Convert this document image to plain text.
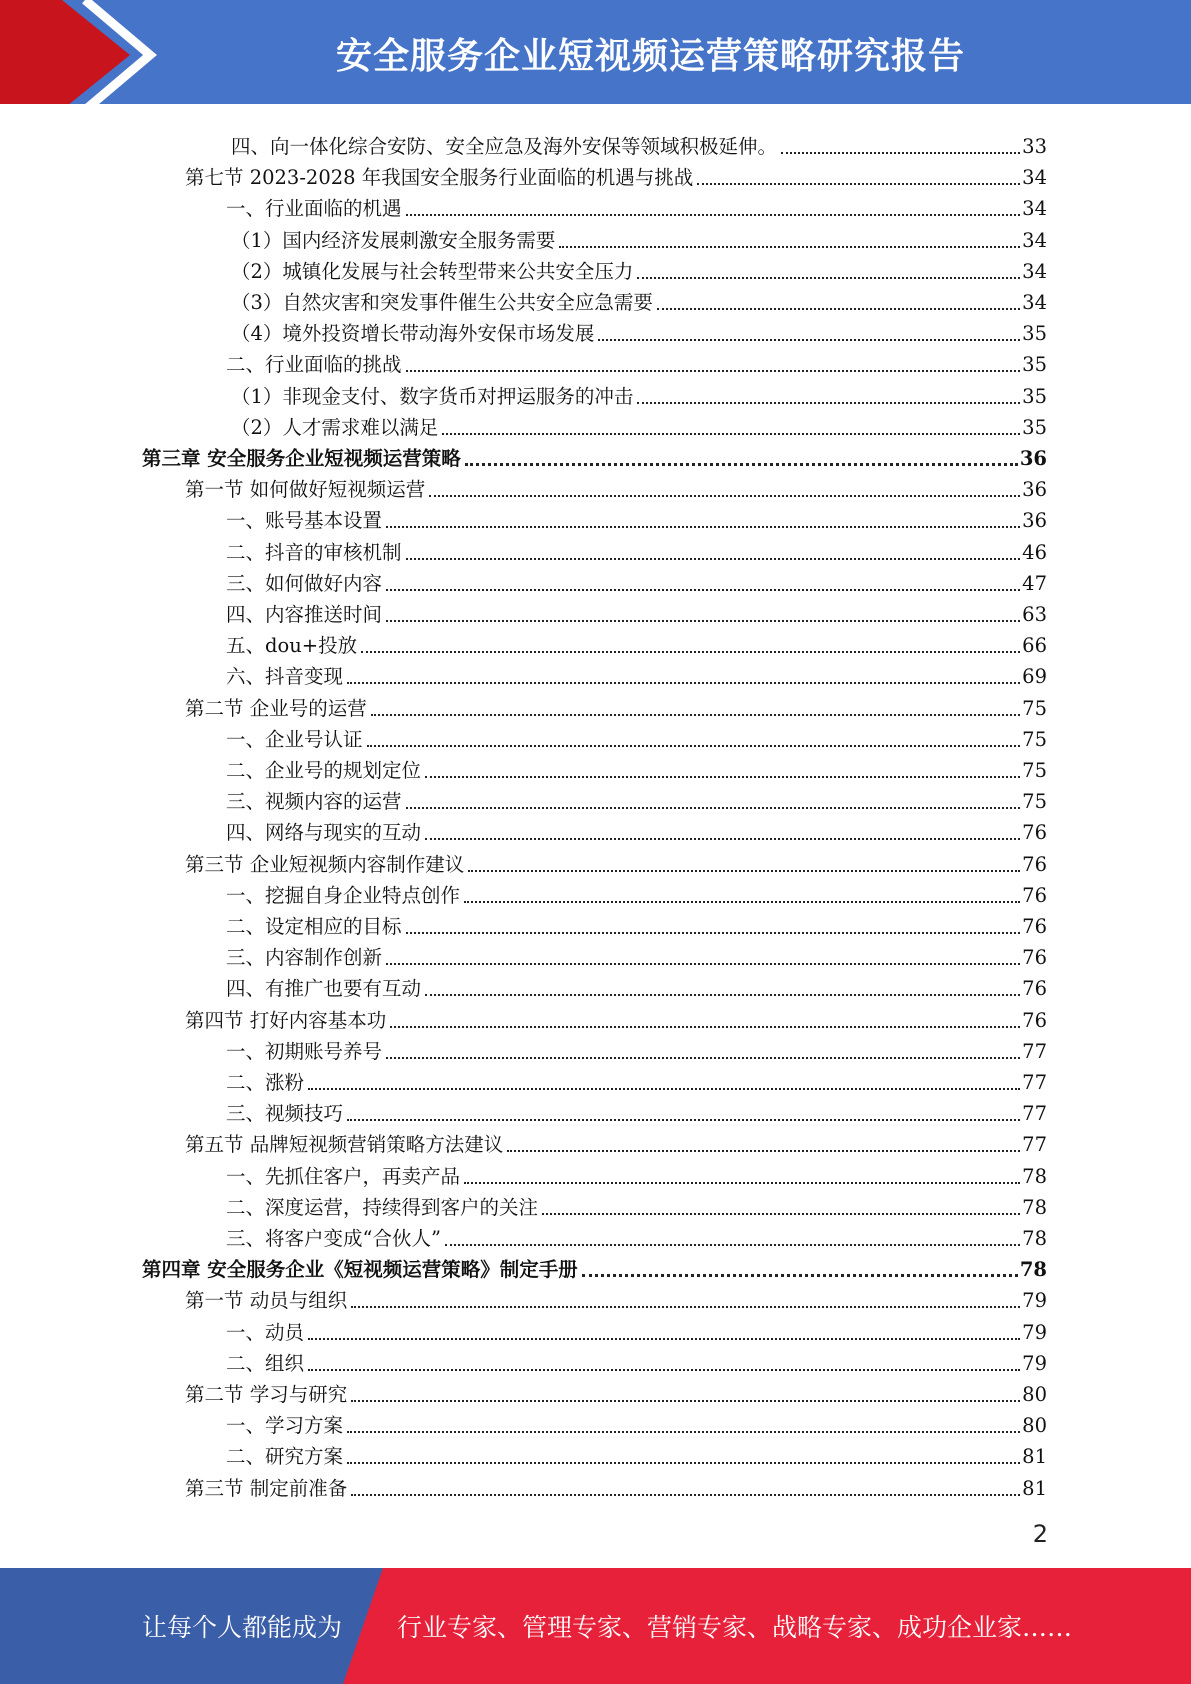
安全服务企业短视频运营策略研究报告
四、向一体化综合安防、安全应急及海外安保等领域积极延伸。	33
第七节 2023-2028 年我国安全服务行业面临的机遇与挑战	34
一、行业面临的机遇	34
（1）国内经济发展刺激安全服务需要	34
（2）城镇化发展与社会转型带来公共安全压力	34
（3）自然灾害和突发事件催生公共安全应急需要	34
（4）境外投资增长带动海外安保市场发展	35
二、行业面临的挑战	35
（1）非现金支付、数字货币对押运服务的冲击	35
（2）人才需求难以满足	35
第三章 安全服务企业短视频运营策略	36
第一节 如何做好短视频运营	36
一、账号基本设置	36
二、抖音的审核机制	46
三、如何做好内容	47
四、内容推送时间	63
五、dou+投放	66
六、抖音变现	69
第二节 企业号的运营	75
一、企业号认证	75
二、企业号的规划定位	75
三、视频内容的运营	75
四、网络与现实的互动	76
第三节 企业短视频内容制作建议	76
一、挖掘自身企业特点创作	76
二、设定相应的目标	76
三、内容制作创新	76
四、有推广也要有互动	76
第四节 打好内容基本功	76
一、初期账号养号	77
二、涨粉	77
三、视频技巧	77
第五节 品牌短视频营销策略方法建议	77
一、先抓住客户，再卖产品	78
二、深度运营，持续得到客户的关注	78
三、将客户变成“合伙人”	78
第四章 安全服务企业《短视频运营策略》制定手册	78
第一节 动员与组织	79
一、动员	79
二、组织	79
第二节 学习与研究	80
一、学习方案	80
二、研究方案	81
第三节 制定前准备	81
2
让每个人都能成为 行业专家、管理专家、营销专家、战略专家、成功企业家……
